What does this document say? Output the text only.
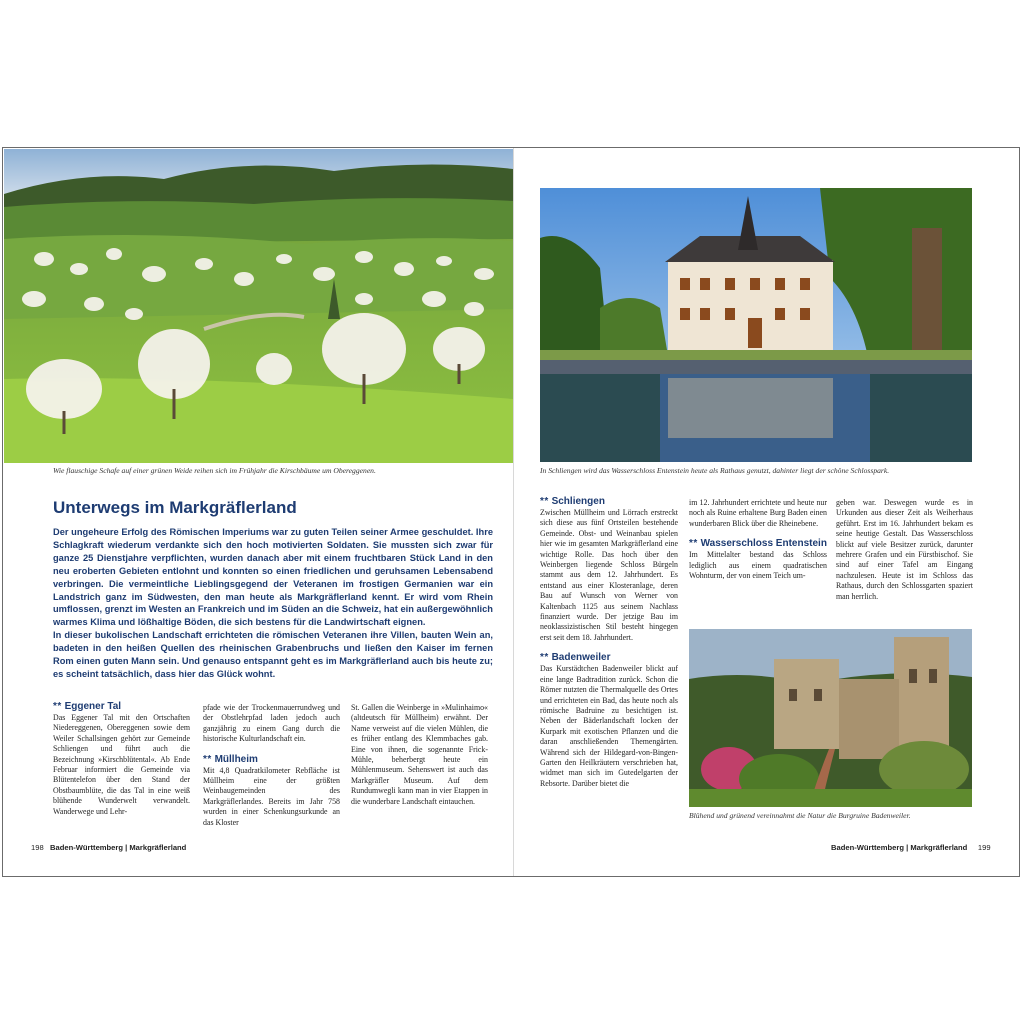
Wie flauschige Schafe auf einer grünen Weide reihen sich im Frühjahr die Kirschbäume um Obereggenen.
Unterwegs im Markgräflerland

Der ungeheure Erfolg des Römischen Imperiums war zu guten Teilen seiner Armee geschuldet. Ihre Schlagkraft wiederum verdankte sich den hoch motivierten Soldaten. Sie mussten sich zwar für ganze 25 Dienstjahre verpflichten, wurden danach aber mit einem fruchtbaren Stück Land in den neu eroberten Gebieten entlohnt und konnten so einen friedlichen und geruhsamen Lebensabend verbringen. Die vermeintliche Lieblingsgegend der Veteranen im frostigen Germanien war ein Landstrich ganz im Südwesten, den man heute als Markgräflerland kennt. Er wird vom Rhein umflossen, grenzt im Westen an Frankreich und im Süden an die Schweiz, hat ein außergewöhnlich warmes Klima und lößhaltige Böden, die sich bestens für die Landwirtschaft eignen.

In dieser bukolischen Landschaft errichteten die römischen Veteranen ihre Villen, bauten Wein an, badeten in den heißen Quellen des rheinischen Grabenbruchs und ließen den Kaiser im fernen Rom einen guten Mann sein. Und genauso entspannt geht es im Markgräflerland auch bis heute zu; es scheint tatsächlich, dass hier das Glück wohnt.

** Eggener Tal

Das Eggener Tal mit den Ortschaften Niedereggenen, Obereggenen sowie dem Weiler Schallsingen gehört zur Gemeinde Schliengen und führt auch die Bezeichnung »Kirschblütental«. Ab Ende Februar informiert die Gemeinde via Blütentelefon über den Stand der Obstbaumblüte, die das Tal in eine weiß blühende Wunderwelt verwandelt. Wanderwege und Lehr-

pfade wie der Trockenmauerrundweg und der Obstlehrpfad laden jedoch auch ganzjährig zu einem Gang durch die historische Kulturlandschaft ein.

** Müllheim

Mit 4,8 Quadratkilometer Rebfläche ist Müllheim eine der größten Weinbaugemeinden des Markgräflerlandes. Bereits im Jahr 758 wurden in einer Schenkungsurkunde an das Kloster

St. Gallen die Weinberge in »Mulinhaimo« (altdeutsch für Müllheim) erwähnt. Der Name verweist auf die vielen Mühlen, die es früher entlang des Klemmbaches gab. Eine von ihnen, die sogenannte Frick-Mühle, beherbergt heute ein Mühlenmuseum. Sehenswert ist auch das Markgräfler Museum. Auf dem Rundumwegli kann man in vier Etappen in die wunderbare Landschaft eintauchen.

198 Baden-Württemberg | Markgräflerland
In Schliengen wird das Wasserschloss Entenstein heute als Rathaus genutzt, dahinter liegt der schöne Schlosspark.
** Schliengen

Zwischen Müllheim und Lörrach erstreckt sich diese aus fünf Ortsteilen bestehende Gemeinde. Obst- und Weinanbau spielen hier wie im gesamten Markgräflerland eine wichtige Rolle. Das hoch über den Weinbergen liegende Schloss Bürgeln stammt aus dem 12. Jahrhundert. Es entstand aus einer Klosteranlage, deren Bau auf Wunsch von Werner von Kaltenbach 1125 aus seinem Nachlass finanziert wurde. Der jetzige Bau im neoklassizistischen Stil besteht hingegen erst seit dem 18. Jahrhundert.

** Badenweiler

Das Kurstädtchen Badenweiler blickt auf eine lange Badtradition zurück. Schon die Römer nutzten die Thermalquelle des Ortes und errichteten ein Bad, das heute noch als römische Badruine zu besichtigen ist. Neben der Bäderlandschaft locken der Kurpark mit exotischen Pflanzen und die daran anschließenden Themengärten. Während sich der Hildegard-von-Bingen-Garten den Heilkräutern verschrieben hat, widmet man sich im Gutedelgarten der Rebsorte. Darüber bietet die

im 12. Jahrhundert errichtete und heute nur noch als Ruine erhaltene Burg Baden einen wunderbaren Blick über die Rheinebene.

** Wasserschloss Entenstein

Im Mittelalter bestand das Schloss lediglich aus einem quadratischen Wohnturm, der von einem Teich um-

geben war. Deswegen wurde es in Urkunden aus dieser Zeit als Weiherhaus geführt. Erst im 16. Jahrhundert bekam es seine heutige Gestalt. Das Wasserschloss blickt auf viele Besitzer zurück, darunter mehrere Grafen und ein Fürstbischof. Sie sind auf einer Tafel am Eingang nachzulesen. Heute ist im Schloss das Rathaus, durch den Schlossgarten spaziert man herrlich.

Blühend und grünend vereinnahmt die Natur die Burgruine Badenweiler.
Baden-Württemberg | Markgräflerland 199
